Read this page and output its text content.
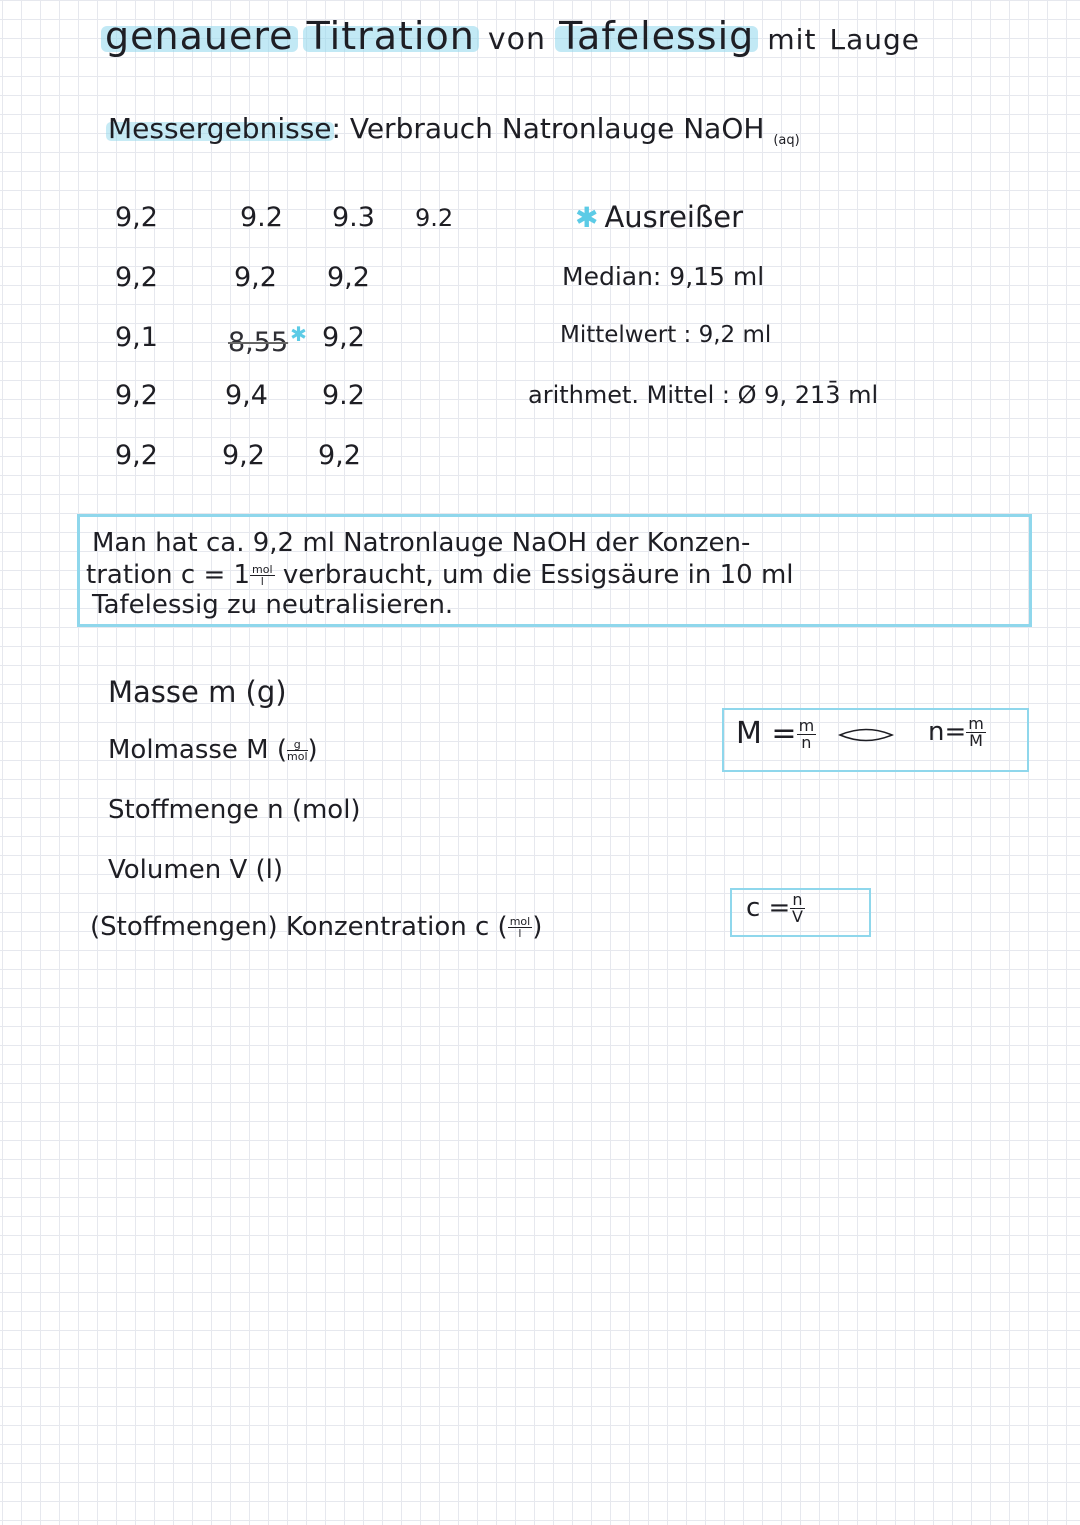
genauere Titration von Tafelessig mit Lauge
Messergebnisse: Verbrauch Natronlauge NaOH $_{(aq)}$
9,2	9.2 9.3 9.2
9,2	9,2 9,2
9,1	8,55 ✱ 9,2
9,2 9,4 9.2
9,2 9,2 9,2
✱ Ausreißer
Median: 9,15 ml
Mittelwert : 9,2 ml
arithmet. Mittel : Ø 9, 213̄ ml
Man hat ca. 9,2 ml Natronlauge NaOH der Konzen-
tration $c = 1 \frac{\text{mol}}{l}$ verbraucht, um die Essigsäure in 10 ml
Tafelessig zu neutralisieren.
Masse m (g)
Molmasse M ( $\frac{g}{\text{mol}}$ )
Stoffmenge n (mol)
Volumen V (l)
(Stoffmengen) Konzentration c ( $\frac{\text{mol}}{l}$ )
$M = \frac{m}{n}$	$n= \frac{m}{M}$
$c = \frac{n}{V}$
